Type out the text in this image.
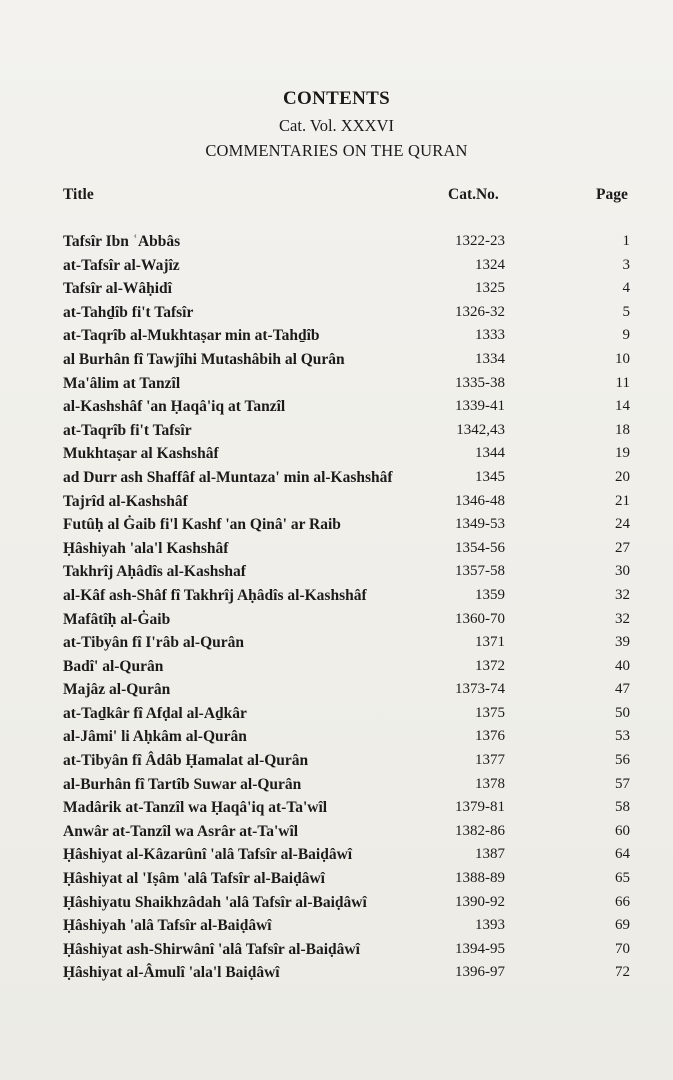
CONTENTS
Cat. Vol. XXXVI
COMMENTARIES ON THE QURAN
Title	Cat.No.	Page
Tafsîr Ibn ʿAbbâs	1322-23	1
at-Tafsîr al-Wajîz	1324	3
Tafsîr al-Wâḥidî	1325	4
at-Tahḏîb fi't Tafsîr	1326-32	5
at-Taqrîb al-Mukhtaṣar min at-Tahḏîb	1333	9
al Burhân fî Tawjîhi Mutashâbih al Qurân	1334	10
Ma'âlim at Tanzîl	1335-38	11
al-Kashshâf 'an Ḥaqâ'iq at Tanzîl	1339-41	14
at-Taqrîb fi't Tafsîr	1342,43	18
Mukhtaṣar al Kashshâf	1344	19
ad Durr ash Shaffâf al-Muntaza' min al-Kashshâf	1345	20
Tajrîd al-Kashshâf	1346-48	21
Futûḥ al Ġaib fi'l Kashf 'an Qinâ' ar Raib	1349-53	24
Ḥâshiyah 'ala'l Kashshâf	1354-56	27
Takhrîj Aḥâdîs al-Kashshaf	1357-58	30
al-Kâf ash-Shâf fî Takhrîj Aḥâdîs al-Kashshâf	1359	32
Mafâtîḥ al-Ġaib	1360-70	32
at-Tibyân fî I'râb al-Qurân	1371	39
Badî' al-Qurân	1372	40
Majâz al-Qurân	1373-74	47
at-Taḏkâr fî Afḍal al-Aḏkâr	1375	50
al-Jâmi' li Aḥkâm al-Qurân	1376	53
at-Tibyân fî Âdâb Ḥamalat al-Qurân	1377	56
al-Burhân fî Tartîb Suwar al-Qurân	1378	57
Madârik at-Tanzîl wa Ḥaqâ'iq at-Ta'wîl	1379-81	58
Anwâr at-Tanzîl wa Asrâr at-Ta'wîl	1382-86	60
Ḥâshiyat al-Kâzarûnî 'alâ Tafsîr al-Baiḍâwî	1387	64
Ḥâshiyat al 'Iṣâm 'alâ Tafsîr al-Baiḍâwî	1388-89	65
Ḥâshiyatu Shaikhzâdah 'alâ Tafsîr al-Baiḍâwî	1390-92	66
Ḥâshiyah 'alâ Tafsîr al-Baiḍâwî	1393	69
Ḥâshiyat ash-Shirwânî 'alâ Tafsîr al-Baiḍâwî	1394-95	70
Ḥâshiyat al-Âmulî 'ala'l Baiḍâwî	1396-97	72
